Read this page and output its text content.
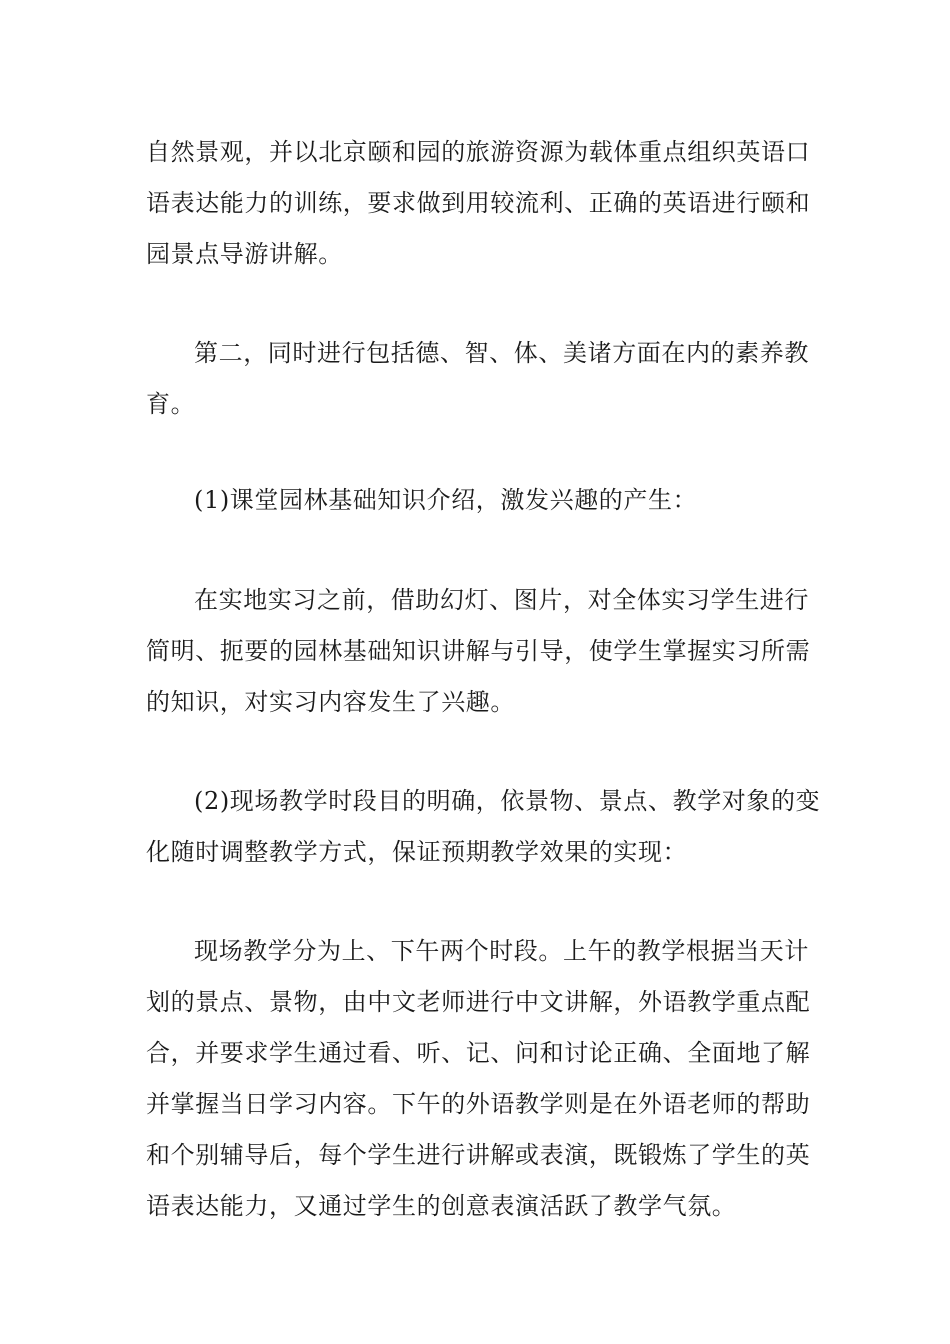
自然景观，并以北京颐和园的旅游资源为载体重点组织英语口
语表达能力的训练，要求做到用较流利、正确的英语进行颐和
园景点导游讲解。
第二，同时进行包括德、智、体、美诸方面在内的素养教
育。
(1)课堂园林基础知识介绍，激发兴趣的产生：
在实地实习之前，借助幻灯、图片，对全体实习学生进行
简明、扼要的园林基础知识讲解与引导，使学生掌握实习所需
的知识，对实习内容发生了兴趣。
(2)现场教学时段目的明确，依景物、景点、教学对象的变
化随时调整教学方式，保证预期教学效果的实现：
现场教学分为上、下午两个时段。上午的教学根据当天计
划的景点、景物，由中文老师进行中文讲解，外语教学重点配
合，并要求学生通过看、听、记、问和讨论正确、全面地了解
并掌握当日学习内容。下午的外语教学则是在外语老师的帮助
和个别辅导后，每个学生进行讲解或表演，既锻炼了学生的英
语表达能力，又通过学生的创意表演活跃了教学气氛。
